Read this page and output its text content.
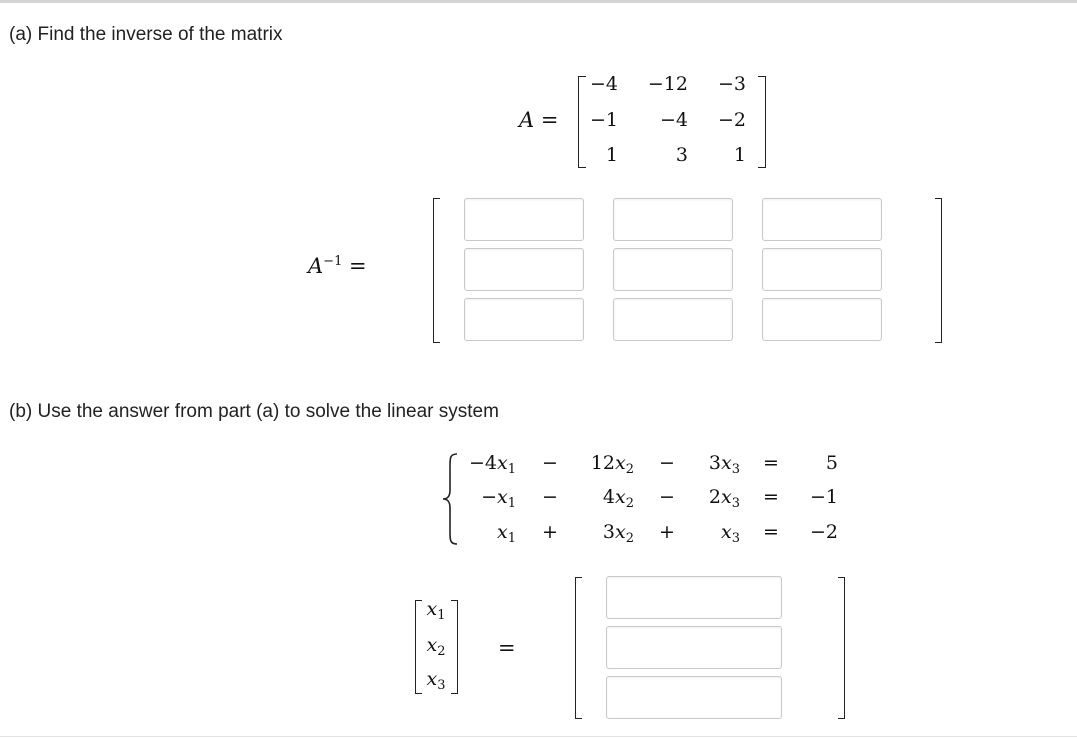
(a) Find the inverse of the matrix
A =
−4	−12	−3
−1	−4	−2
1	3	1
$A^{-1}$ =
(b) Use the answer from part (a) to solve the linear system
$-4x_1$ −	$12x_2$ −	$3x_3$ =	5
$-x_1$ −	$4x_2$ −	$2x_3$ =	−1
$x_1$ +	$3x_2$ +	$x_3$ =	−2
$x_1$
$x_2$
$x_3$
=
